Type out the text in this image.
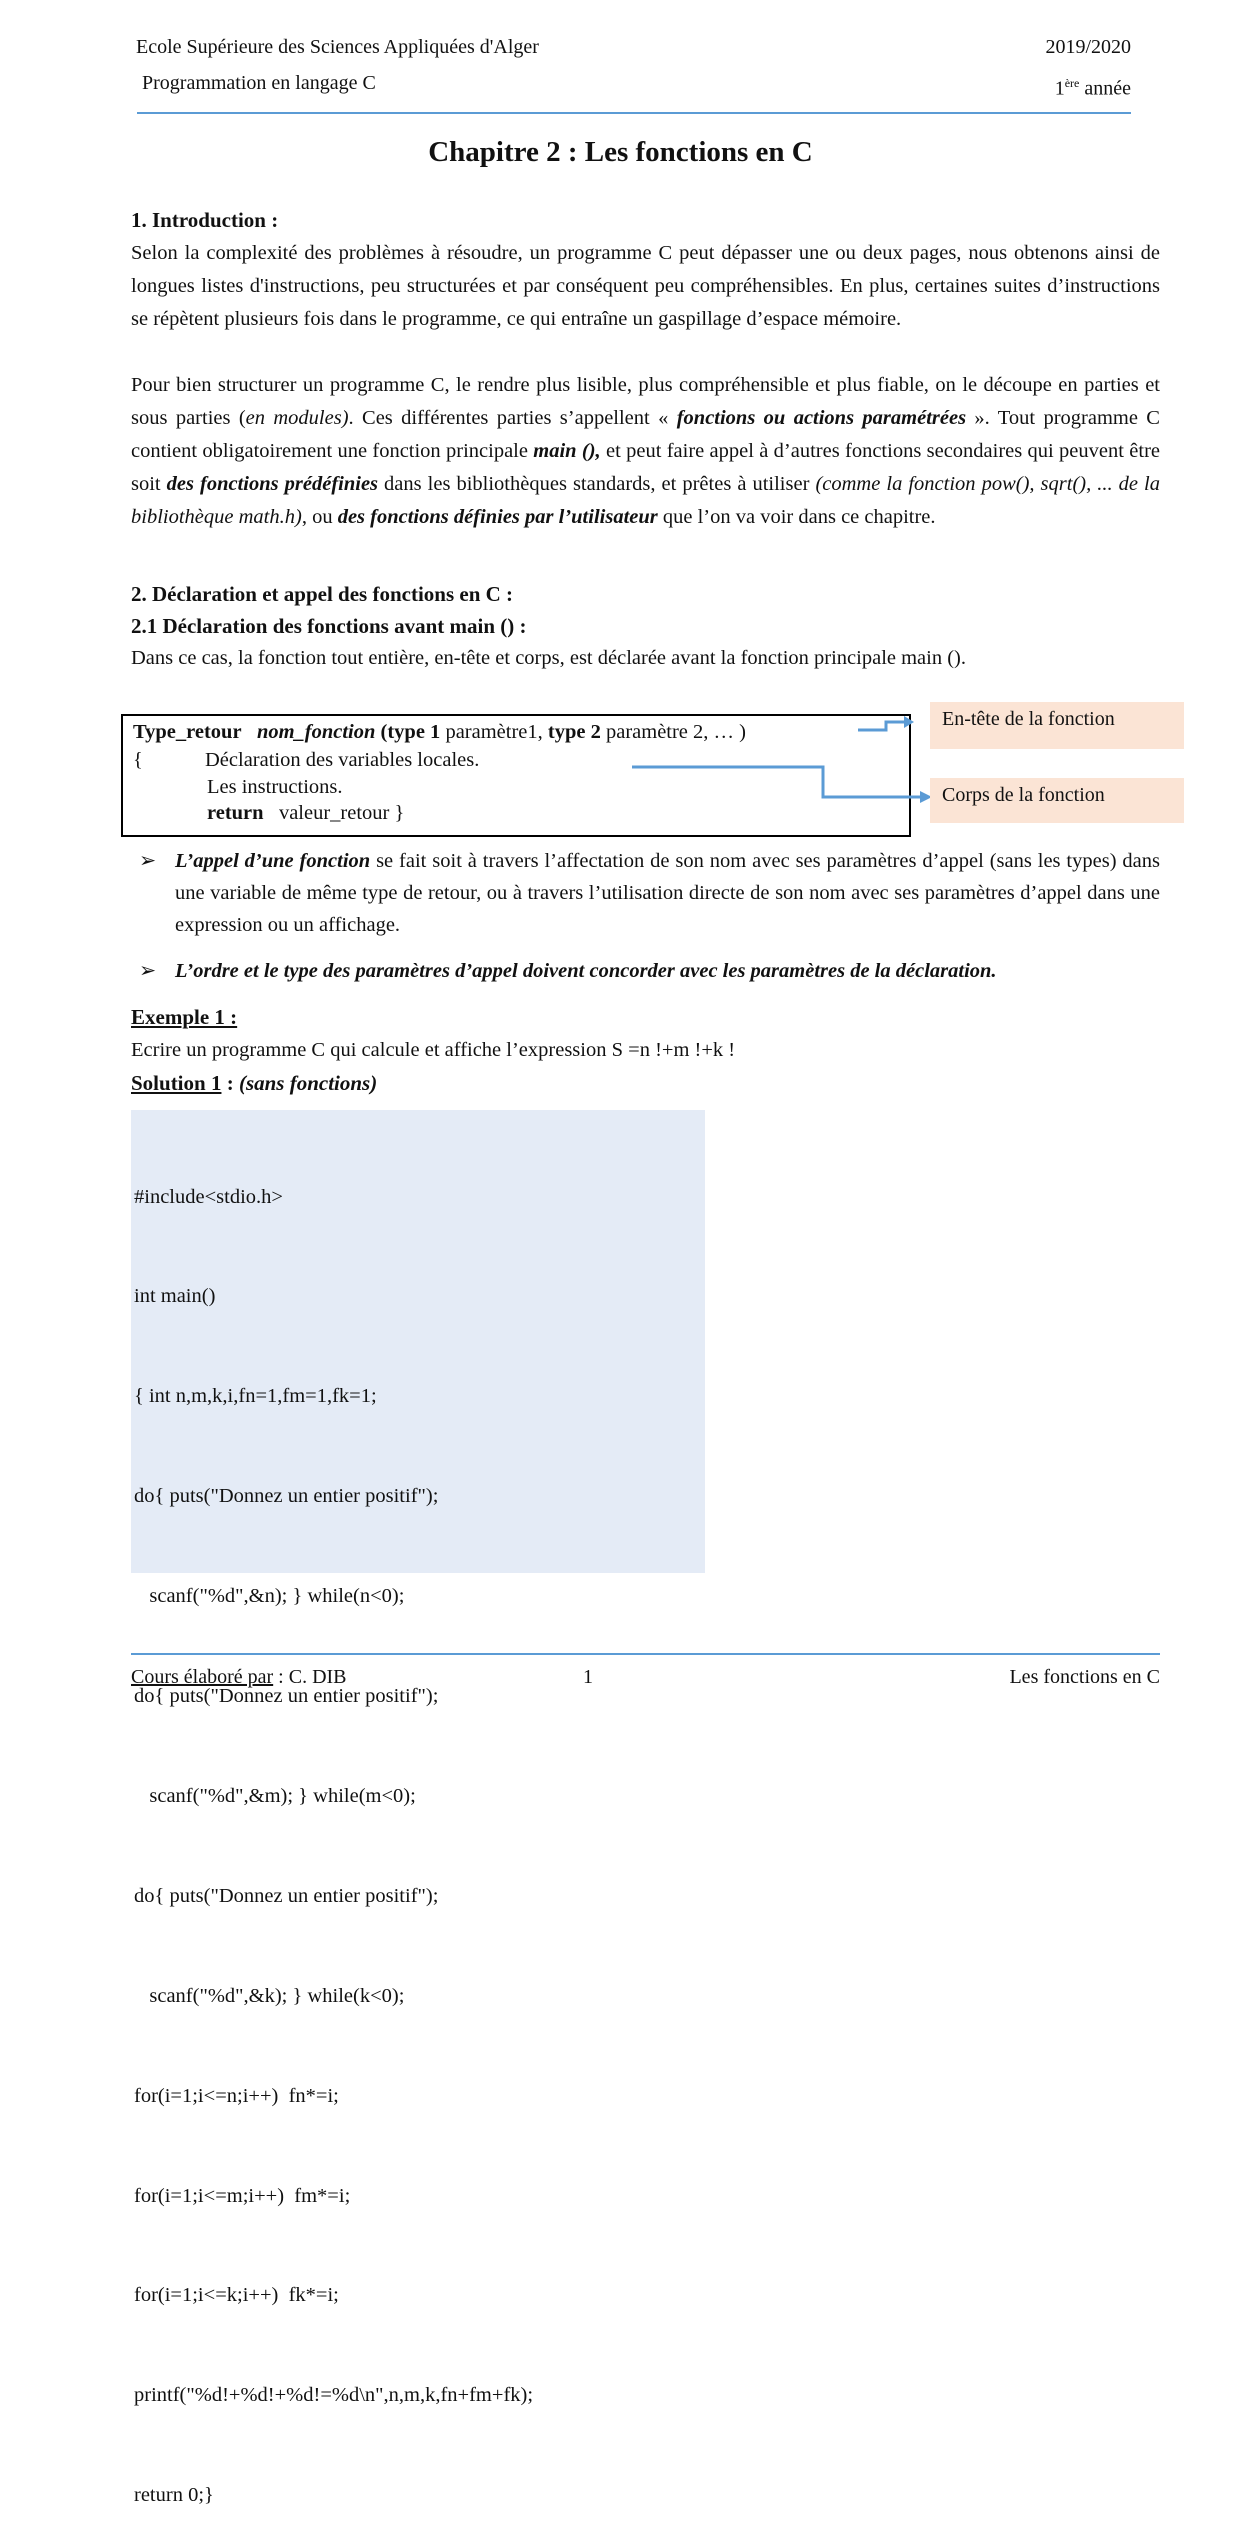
Ecole Supérieure des Sciences Appliquées d'Alger	2019/2020
Programmation en langage C	1ère année
Chapitre 2 : Les fonctions en C
1. Introduction :
Selon la complexité des problèmes à résoudre, un programme C peut dépasser une ou deux pages, nous obtenons ainsi de longues listes d'instructions, peu structurées et par conséquent peu compréhensibles. En plus, certaines suites d’instructions se répètent plusieurs fois dans le programme, ce qui entraîne un gaspillage d’espace mémoire.
Pour bien structurer un programme C, le rendre plus lisible, plus compréhensible et plus fiable, on le découpe en parties et sous parties (en modules). Ces différentes parties s’appellent « fonctions ou actions paramétrées ». Tout programme C contient obligatoirement une fonction principale main (), et peut faire appel à d’autres fonctions secondaires qui peuvent être soit des fonctions prédéfinies dans les bibliothèques standards, et prêtes à utiliser (comme la fonction pow(), sqrt(), ... de la bibliothèque math.h), ou des fonctions définies par l’utilisateur que l’on va voir dans ce chapitre.
2. Déclaration et appel des fonctions en C :
2.1 Déclaration des fonctions avant main () :
Dans ce cas, la fonction tout entière, en-tête et corps, est déclarée avant la fonction principale main ().
Type_retour nom_fonction (type 1 paramètre1, type 2 paramètre 2, … )
{	Déclaration des variables locales.
Les instructions.
return valeur_retour }
En-tête de la fonction
Corps de la fonction
➢ L’appel d’une fonction se fait soit à travers l’affectation de son nom avec ses paramètres d’appel (sans les types) dans une variable de même type de retour, ou à travers l’utilisation directe de son nom avec ses paramètres d’appel dans une expression ou un affichage.
➢ L’ordre et le type des paramètres d’appel doivent concorder avec les paramètres de la déclaration.
Exemple 1 :
Ecrire un programme C qui calcule et affiche l’expression S =n !+m !+k !
Solution 1 : (sans fonctions)

#include<stdio.h>

int main()

{ int n,m,k,i,fn=1,fm=1,fk=1;

do{ puts("Donnez un entier positif");

scanf("%d",&n); } while(n<0);

do{ puts("Donnez un entier positif");

scanf("%d",&m); } while(m<0);

do{ puts("Donnez un entier positif");

scanf("%d",&k); } while(k<0);

for(i=1;i<=n;i++)  fn*=i;

for(i=1;i<=m;i++)  fm*=i;

for(i=1;i<=k;i++)  fk*=i;

printf("%d!+%d!+%d!=%d\n",n,m,k,fn+fm+fk);

return 0;}

Cours élaboré par : C. DIB	1	Les fonctions en C
